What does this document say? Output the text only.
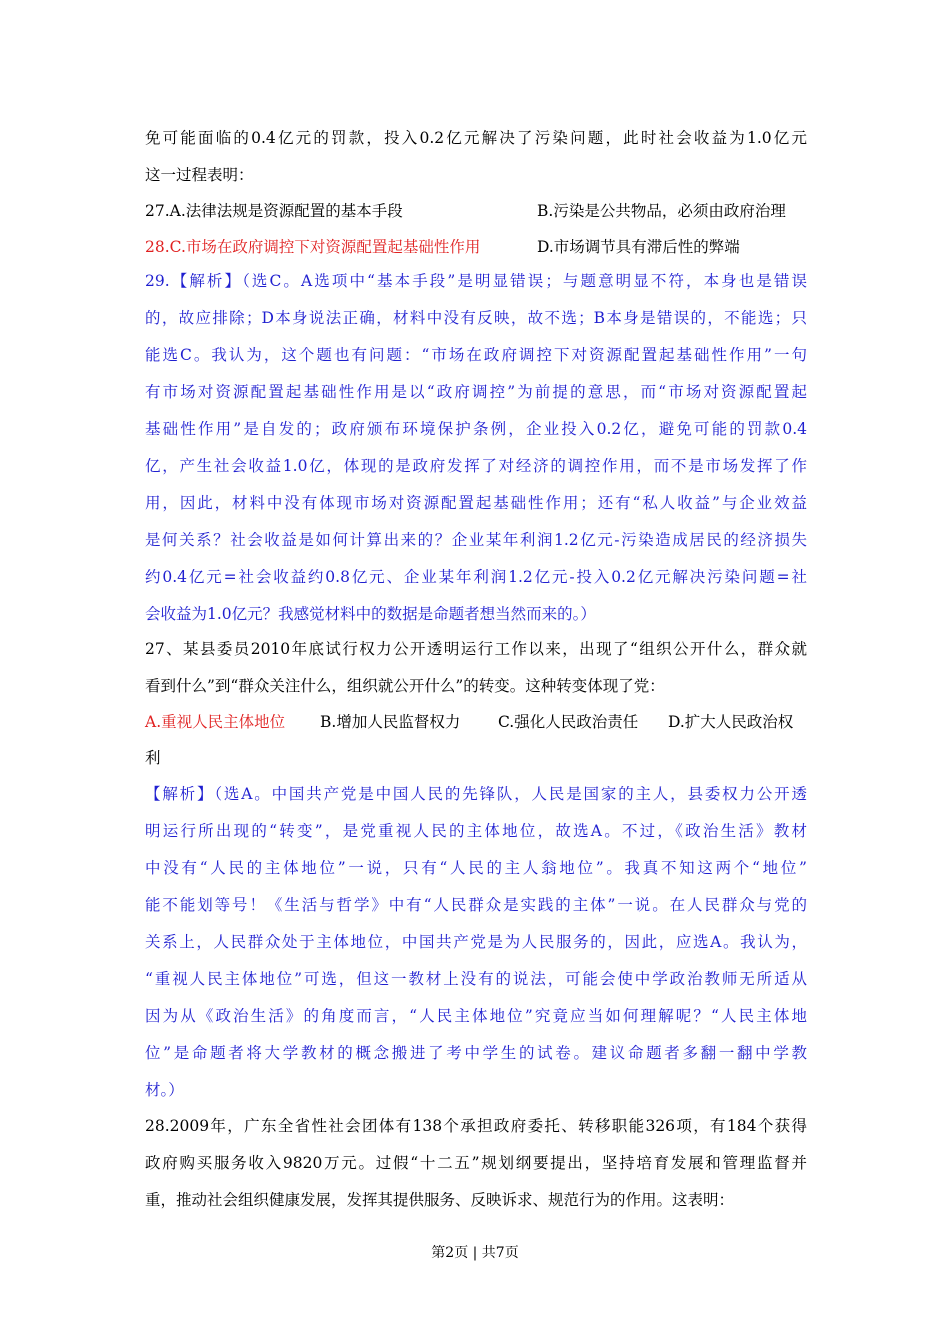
免可能面临的0.4亿元的罚款，投入0.2亿元解决了污染问题，此时社会收益为1.0亿元
这一过程表明：
27.A.法律法规是资源配置的基本手段	B.污染是公共物品，必须由政府治理
28.C.市场在政府调控下对资源配置起基础性作用	D.市场调节具有滞后性的弊端
29.【解析】（选C。A选项中“基本手段”是明显错误；与题意明显不符，本身也是错误
的，故应排除；D本身说法正确，材料中没有反映，故不选；B本身是错误的，不能选；只
能选C。我认为，这个题也有问题：“市场在政府调控下对资源配置起基础性作用”一句
有市场对资源配置起基础性作用是以“政府调控”为前提的意思，而“市场对资源配置起
基础性作用”是自发的；政府颁布环境保护条例，企业投入0.2亿，避免可能的罚款0.4
亿，产生社会收益1.0亿，体现的是政府发挥了对经济的调控作用，而不是市场发挥了作
用，因此，材料中没有体现市场对资源配置起基础性作用；还有“私人收益”与企业效益
是何关系？社会收益是如何计算出来的？企业某年利润1.2亿元-污染造成居民的经济损失
约0.4亿元=社会收益约0.8亿元、企业某年利润1.2亿元-投入0.2亿元解决污染问题=社
会收益为1.0亿元？我感觉材料中的数据是命题者想当然而来的。）
27、某县委员2010年底试行权力公开透明运行工作以来，出现了“组织公开什么，群众就
看到什么”到“群众关注什么，组织就公开什么”的转变。这种转变体现了党：
A.重视人民主体地位 B.增加人民监督权力 C.强化人民政治责任 D.扩大人民政治权
利
【解析】（选A。中国共产党是中国人民的先锋队，人民是国家的主人，县委权力公开透
明运行所出现的“转变”，是党重视人民的主体地位，故选A。不过，《政治生活》教材
中没有“人民的主体地位”一说，只有“人民的主人翁地位”。我真不知这两个“地位”
能不能划等号！《生活与哲学》中有“人民群众是实践的主体”一说。在人民群众与党的
关系上，人民群众处于主体地位，中国共产党是为人民服务的，因此，应选A。我认为，
“重视人民主体地位”可选，但这一教材上没有的说法，可能会使中学政治教师无所适从
因为从《政治生活》的角度而言，“人民主体地位”究竟应当如何理解呢？“人民主体地
位”是命题者将大学教材的概念搬进了考中学生的试卷。建议命题者多翻一翻中学教
材。）
28.2009年，广东全省性社会团体有138个承担政府委托、转移职能326项，有184个获得
政府购买服务收入9820万元。过假“十二五”规划纲要提出，坚持培育发展和管理监督并
重，推动社会组织健康发展，发挥其提供服务、反映诉求、规范行为的作用。这表明：
第2页 | 共7页
